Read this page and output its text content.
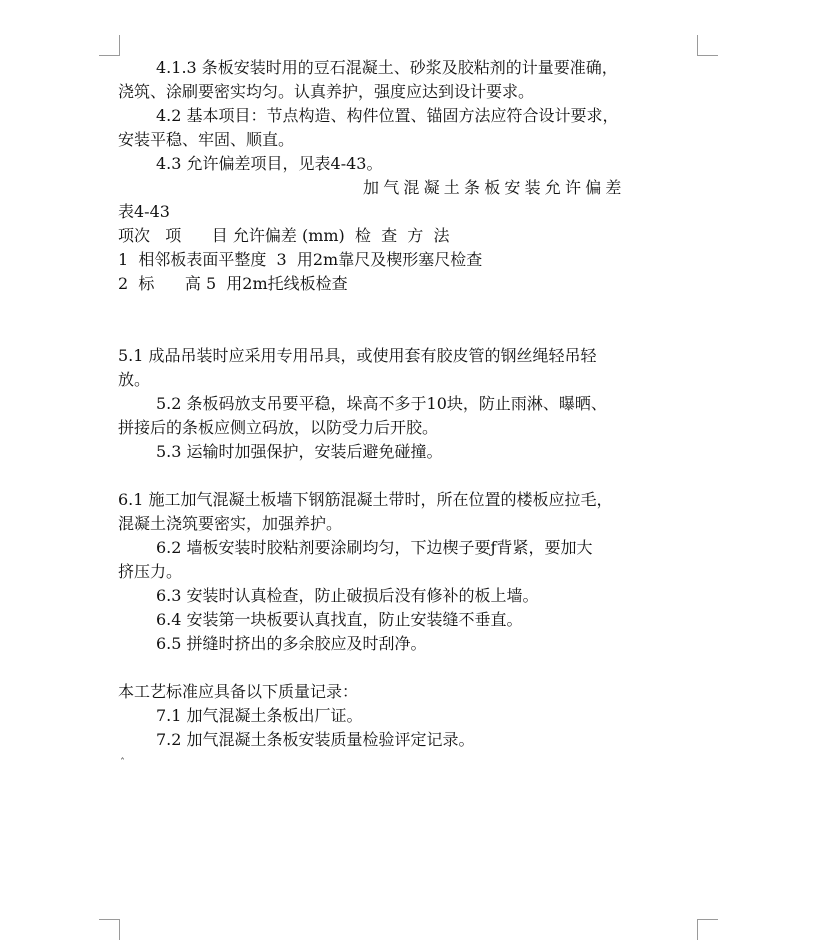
4.1.3 条板安装时用的豆石混凝土、砂浆及胶粘剂的计量要准确，

浇筑、涂刷要密实均匀。认真养护，强度应达到设计要求。

4.2 基本项目：节点构造、构件位置、锚固方法应符合设计要求，

安装平稳、牢固、顺直。

4.3 允许偏差项目，见表4-43。

加气混凝土条板安装允许偏差

表4-43

项次   项      目 允许偏差 (mm)  检  查  方  法

1  相邻板表面平整度  3  用2m靠尺及楔形塞尺检查

2  标      高 5  用2m托线板检查

5.1 成品吊装时应采用专用吊具，或使用套有胶皮管的钢丝绳轻吊轻

放。

5.2 条板码放支吊要平稳，垛高不多于10块，防止雨淋、曝晒、

拼接后的条板应侧立码放，以防受力后开胶。

5.3 运输时加强保护，安装后避免碰撞。

6.1 施工加气混凝土板墙下钢筋混凝土带时，所在位置的楼板应拉毛，

混凝土浇筑要密实，加强养护。

6.2 墙板安装时胶粘剂要涂刷均匀，下边楔子要ƒ背紧，要加大

挤压力。

6.3 安装时认真检查，防止破损后没有修补的板上墙。

6.4 安装第一块板要认真找直，防止安装缝不垂直。

6.5 拼缝时挤出的多余胶应及时刮净。

本工艺标准应具备以下质量记录：

7.1 加气混凝土条板出厂证。

7.2 加气混凝土条板安装质量检验评定记录。

ˆ
